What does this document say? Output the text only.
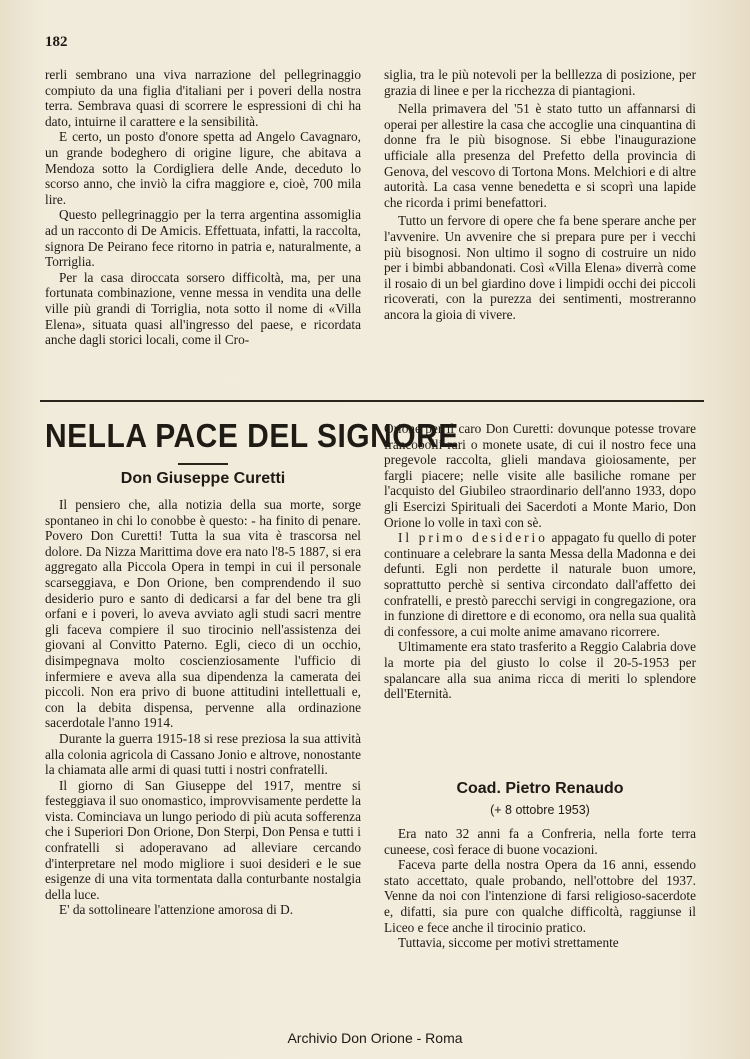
182

rerli sembrano una viva narrazione del pellegrinaggio compiuto da una figlia d'italiani per i poveri della nostra terra. Sembrava quasi di scorrere le espressioni di chi ha dato, intuirne il carattere e la sensibilità.

E certo, un posto d'onore spetta ad Angelo Cavagnaro, un grande bodeghero di origine ligure, che abitava a Mendoza sotto la Cordigliera delle Ande, deceduto lo scorso anno, che inviò la cifra maggiore e, cioè, 700 mila lire.

Questo pellegrinaggio per la terra argentina assomiglia ad un racconto di De Amicis. Effettuata, infatti, la raccolta, signora De Peirano fece ritorno in patria e, naturalmente, a Torriglia.

Per la casa diroccata sorsero difficoltà, ma, per una fortunata combinazione, venne messa in vendita una delle ville più grandi di Torriglia, nota sotto il nome di «Villa Elena», situata quasi all'ingresso del paese, e ricordata anche dagli storici locali, come il Cro-

siglia, tra le più notevoli per la belllezza di posizione, per grazia di linee e per la ricchezza di piantagioni.

Nella primavera del '51 è stato tutto un affannarsi di operai per allestire la casa che accoglie una cinquantina di donne fra le più bisognose. Si ebbe l'inaugurazione ufficiale alla presenza del Prefetto della provincia di Genova, del vescovo di Tortona Mons. Melchiori e di altre autorità. La casa venne benedetta e si scoprì una lapide che ricorda i primi benefattori.

Tutto un fervore di opere che fa bene sperare anche per l'avvenire. Un avvenire che si prepara pure per i vecchi più bisognosi. Non ultimo il sogno di costruire un nido per i bimbi abbandonati. Così «Villa Elena» diverrà come il rosaio di un bel giardino dove i limpidi occhi dei piccoli ricoverati, con la purezza dei sentimenti, mostreranno ancora la gioia di vivere.

NELLA PACE DEL SIGNORE
Don Giuseppe Curetti

Il pensiero che, alla notizia della sua morte, sorge spontaneo in chi lo conobbe è questo: - ha finito di penare. Povero Don Curetti! Tutta la sua vita è trascorsa nel dolore. Da Nizza Marittima dove era nato l'8-5 1887, si era aggregato alla Piccola Opera in tempi in cui il personale scarseggiava, e Don Orione, ben comprendendo il suo desiderio puro e santo di dedicarsi a far del bene tra gli orfani e i poveri, lo aveva avviato agli studi sacri mentre gli faceva compiere il suo tirocinio nell'assistenza dei giovani al Convitto Paterno. Egli, cieco di un occhio, disimpegnava molto coscienziosamente l'ufficio di infermiere e aveva alla sua dipendenza la camerata dei piccoli. Non era privo di buone attitudini intellettuali e, con la debita dispensa, pervenne alla ordinazione sacerdotale l'anno 1914.

Durante la guerra 1915-18 si rese preziosa la sua attività alla colonia agricola di Cassano Jonio e altrove, nonostante la chiamata alle armi di quasi tutti i nostri confratelli.

Il giorno di San Giuseppe del 1917, mentre si festeggiava il suo onomastico, improvvisamente perdette la vista. Cominciava un lungo periodo di più acuta sofferenza che i Superiori Don Orione, Don Sterpi, Don Pensa e tutti i confratelli si adoperavano ad alleviare cercando d'interpretare nel modo migliore i suoi desideri e le sue esigenze di una vita tormentata dalla conturbante nostalgia della luce.

E' da sottolineare l'attenzione amorosa di D.

Orione per il caro Don Curetti: dovunque potesse trovare francobolli rari o monete usate, di cui il nostro fece una pregevole raccolta, glieli mandava gioiosamente, per fargli piacere; nelle visite alle basiliche romane per l'acquisto del Giubileo straordinario dell'anno 1933, dopo gli Esercizi Spirituali dei Sacerdoti a Monte Mario, Don Orione lo volle in taxì con sè.

Il primo desiderio appagato fu quello di poter continuare a celebrare la santa Messa della Madonna e dei defunti. Egli non perdette il naturale buon umore, soprattutto perchè si sentiva circondato dall'affetto dei confratelli, e prestò parecchi servigi in congregazione, ora in funzione di direttore e di economo, ora nella sua qualità di confessore, a cui molte anime amavano ricorrere.

Ultimamente era stato trasferito a Reggio Calabria dove la morte pia del giusto lo colse il 20-5-1953 per spalancare alla sua anima ricca di meriti lo splendore dell'Eternità.

Coad. Pietro Renaudo
(+ 8 ottobre 1953)

Era nato 32 anni fa a Confreria, nella forte terra cuneese, così ferace di buone vocazioni.

Faceva parte della nostra Opera da 16 anni, essendo stato accettato, quale probando, nell'ottobre del 1937. Venne da noi con l'intenzione di farsi religioso-sacerdote e, difatti, sia pure con qualche difficoltà, raggiunse il Liceo e fece anche il tirocinio pratico.

Tuttavia, siccome per motivi strettamente

Archivio Don Orione - Roma
